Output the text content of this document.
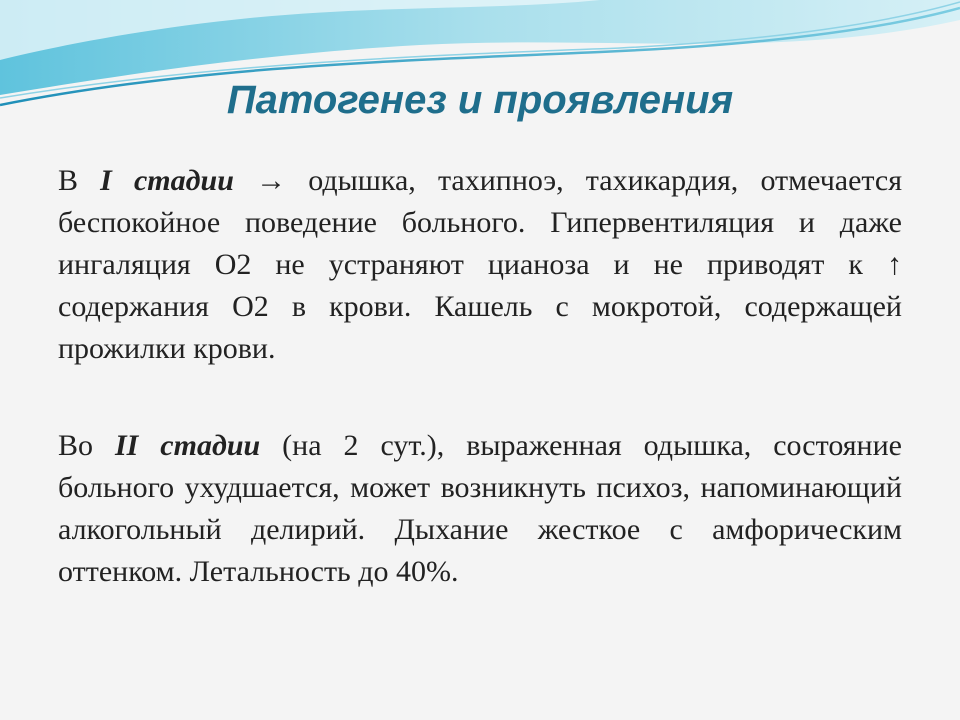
Патогенез и проявления

В I стадии → одышка, тахипноэ, тахикардия, отмечается беспокойное поведение больного. Гипервентиляция и даже ингаляция О2 не устраняют цианоза и не приводят к ↑ содержания О2 в крови. Кашель с мокротой, содержащей прожилки крови.

Во II стадии (на 2 сут.), выраженная одышка, состояние больного ухудшается, может возникнуть психоз, напоминающий алкогольный делирий. Дыхание жесткое с амфорическим оттенком. Летальность до 40%.
